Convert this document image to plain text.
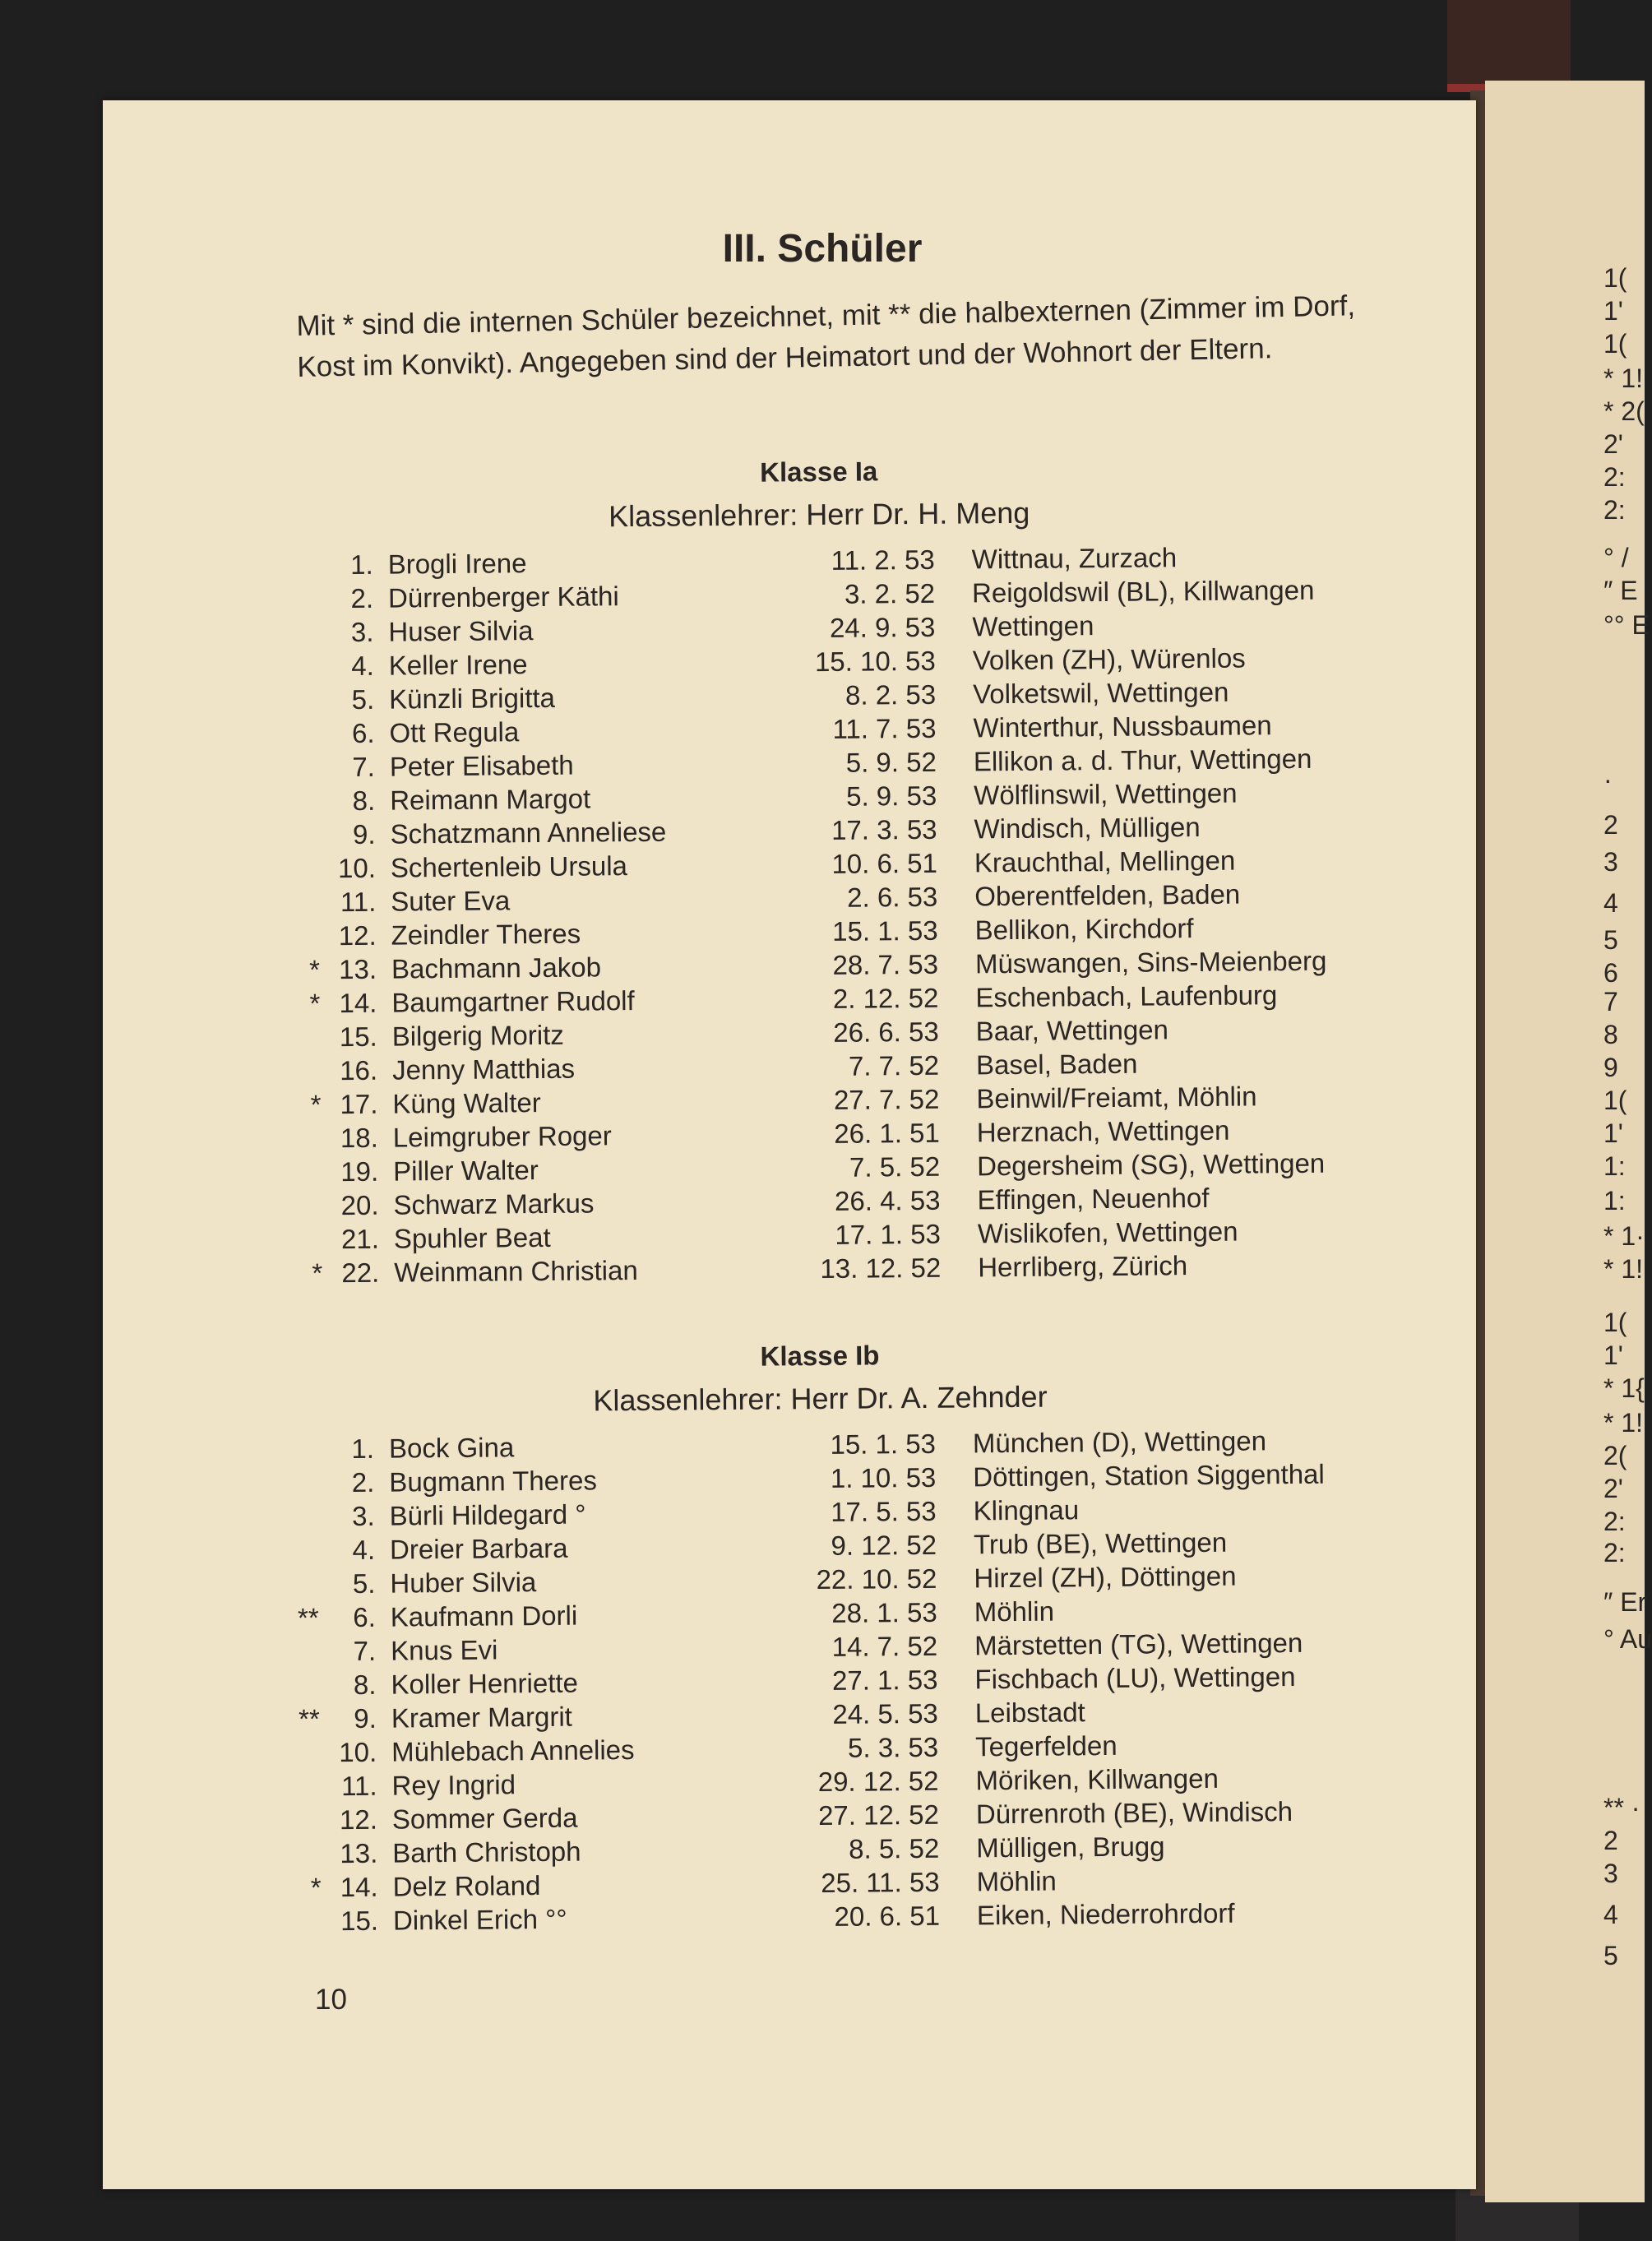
III. Schüler
Mit * sind die internen Schüler bezeichnet, mit ** die halbexternen (Zimmer im Dorf, Kost im Konvikt). Angegeben sind der Heimatort und der Wohnort der Eltern.
Klasse Ia
Klassenlehrer: Herr Dr. H. Meng
1. Brogli Irene	11. 2. 53 Wittnau, Zurzach
2. Dürrenberger Käthi	3. 2. 52 Reigoldswil (BL), Killwangen
3. Huser Silvia	24. 9. 53 Wettingen
4. Keller Irene	15. 10. 53 Volken (ZH), Würenlos
5. Künzli Brigitta	8. 2. 53 Volketswil, Wettingen
6. Ott Regula	11. 7. 53 Winterthur, Nussbaumen
7. Peter Elisabeth	5. 9. 52 Ellikon a. d. Thur, Wettingen
8. Reimann Margot	5. 9. 53 Wölflinswil, Wettingen
9. Schatzmann Anneliese	17. 3. 53 Windisch, Mülligen
10. Schertenleib Ursula	10. 6. 51 Krauchthal, Mellingen
11. Suter Eva	2. 6. 53 Oberentfelden, Baden
12. Zeindler Theres	15. 1. 53 Bellikon, Kirchdorf
* 13. Bachmann Jakob	28. 7. 53 Müswangen, Sins-Meienberg
* 14. Baumgartner Rudolf	2. 12. 52 Eschenbach, Laufenburg
15. Bilgerig Moritz	26. 6. 53 Baar, Wettingen
16. Jenny Matthias	7. 7. 52 Basel, Baden
* 17. Küng Walter	27. 7. 52 Beinwil/Freiamt, Möhlin
18. Leimgruber Roger	26. 1. 51 Herznach, Wettingen
19. Piller Walter	7. 5. 52 Degersheim (SG), Wettingen
20. Schwarz Markus	26. 4. 53 Effingen, Neuenhof
21. Spuhler Beat	17. 1. 53 Wislikofen, Wettingen
* 22. Weinmann Christian	13. 12. 52 Herrliberg, Zürich
Klasse Ib
Klassenlehrer: Herr Dr. A. Zehnder
1. Bock Gina	15. 1. 53 München (D), Wettingen
2. Bugmann Theres	1. 10. 53 Döttingen, Station Siggenthal
3. Bürli Hildegard °	17. 5. 53 Klingnau
4. Dreier Barbara	9. 12. 52 Trub (BE), Wettingen
5. Huber Silvia	22. 10. 52 Hirzel (ZH), Döttingen
**	6. Kaufmann Dorli	28. 1. 53 Möhlin
7. Knus Evi	14. 7. 52 Märstetten (TG), Wettingen
8. Koller Henriette	27. 1. 53 Fischbach (LU), Wettingen
**	9. Kramer Margrit	24. 5. 53 Leibstadt
10. Mühlebach Annelies	5. 3. 53 Tegerfelden
11. Rey Ingrid	29. 12. 52 Möriken, Killwangen
12. Sommer Gerda	27. 12. 52 Dürrenroth (BE), Windisch
13. Barth Christoph	8. 5. 52 Mülligen, Brugg
* 14. Delz Roland	25. 11. 53 Möhlin
15. Dinkel Erich °°	20. 6. 51 Eiken, Niederrohrdorf
10
1(
1'
1(
* 1!
* 2(
2'
2:
2:
° /
″ E
°° E
·
2
3
4
5
6
7
8
9
1(
1'
1:
1:
* 1·
* 1!
1(
1'
* 1{
* 1!
2(
2'
2:
2:
″ Er
° Au
** ·
2
3
4
5
